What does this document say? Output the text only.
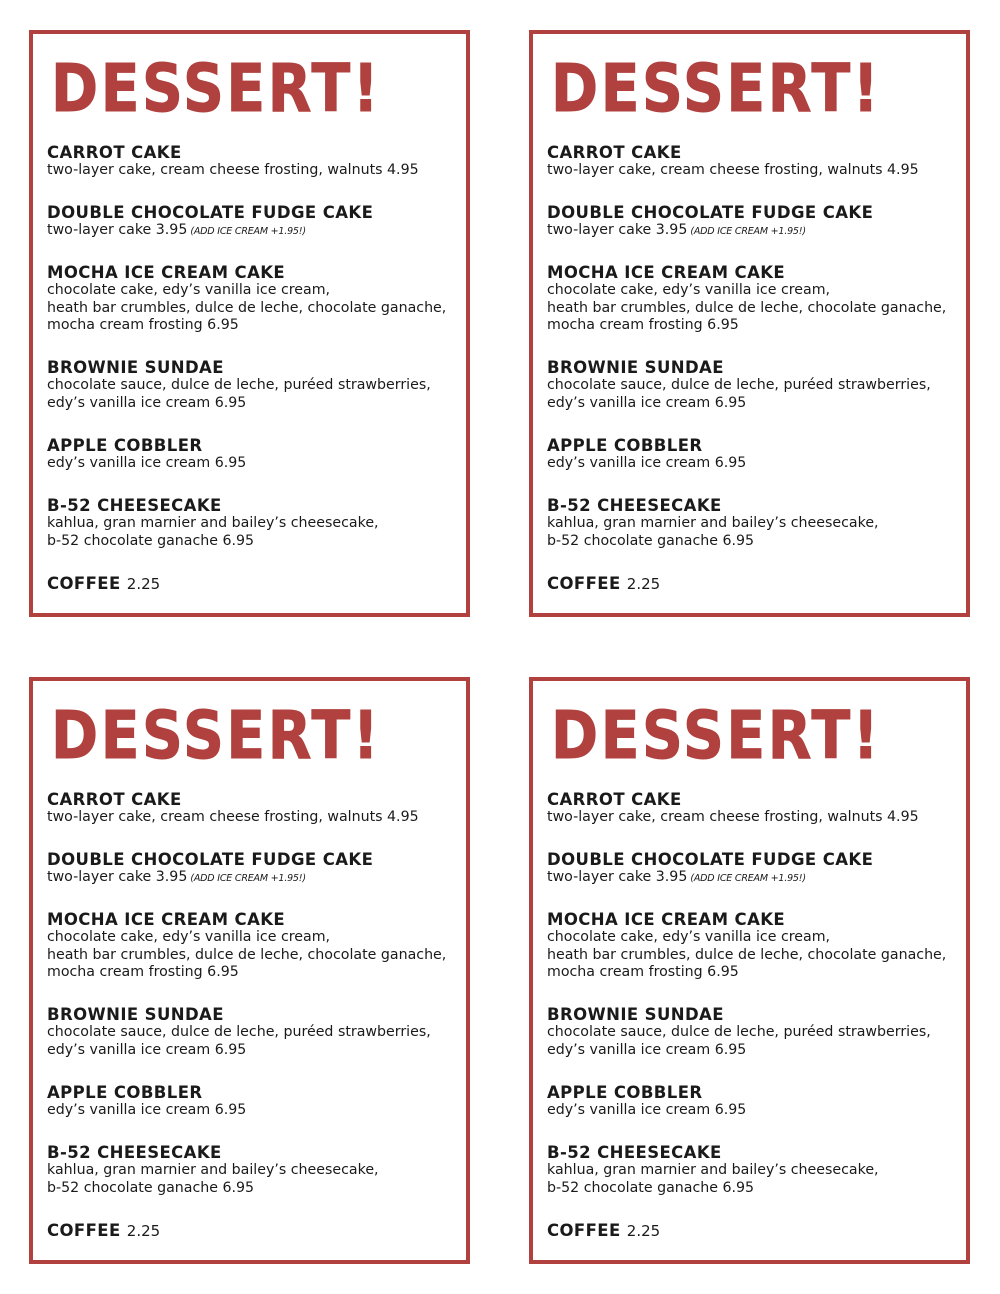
DESSERT!
CARROT CAKE
two-layer cake, cream cheese frosting, walnuts 4.95
DOUBLE CHOCOLATE FUDGE CAKE
two-layer cake 3.95 (ADD ICE CREAM +1.95!)
MOCHA ICE CREAM CAKE
chocolate cake, edy’s vanilla ice cream,
heath bar crumbles, dulce de leche, chocolate ganache,
mocha cream frosting 6.95
BROWNIE SUNDAE
chocolate sauce, dulce de leche, puréed strawberries,
edy’s vanilla ice cream 6.95
APPLE COBBLER
edy’s vanilla ice cream 6.95
B-52 CHEESECAKE
kahlua, gran marnier and bailey’s cheesecake,
b-52 chocolate ganache 6.95
COFFEE 2.25
DESSERT!
CARROT CAKE
two-layer cake, cream cheese frosting, walnuts 4.95
DOUBLE CHOCOLATE FUDGE CAKE
two-layer cake 3.95 (ADD ICE CREAM +1.95!)
MOCHA ICE CREAM CAKE
chocolate cake, edy’s vanilla ice cream,
heath bar crumbles, dulce de leche, chocolate ganache,
mocha cream frosting 6.95
BROWNIE SUNDAE
chocolate sauce, dulce de leche, puréed strawberries,
edy’s vanilla ice cream 6.95
APPLE COBBLER
edy’s vanilla ice cream 6.95
B-52 CHEESECAKE
kahlua, gran marnier and bailey’s cheesecake,
b-52 chocolate ganache 6.95
COFFEE 2.25
DESSERT!
CARROT CAKE
two-layer cake, cream cheese frosting, walnuts 4.95
DOUBLE CHOCOLATE FUDGE CAKE
two-layer cake 3.95 (ADD ICE CREAM +1.95!)
MOCHA ICE CREAM CAKE
chocolate cake, edy’s vanilla ice cream,
heath bar crumbles, dulce de leche, chocolate ganache,
mocha cream frosting 6.95
BROWNIE SUNDAE
chocolate sauce, dulce de leche, puréed strawberries,
edy’s vanilla ice cream 6.95
APPLE COBBLER
edy’s vanilla ice cream 6.95
B-52 CHEESECAKE
kahlua, gran marnier and bailey’s cheesecake,
b-52 chocolate ganache 6.95
COFFEE 2.25
DESSERT!
CARROT CAKE
two-layer cake, cream cheese frosting, walnuts 4.95
DOUBLE CHOCOLATE FUDGE CAKE
two-layer cake 3.95 (ADD ICE CREAM +1.95!)
MOCHA ICE CREAM CAKE
chocolate cake, edy’s vanilla ice cream,
heath bar crumbles, dulce de leche, chocolate ganache,
mocha cream frosting 6.95
BROWNIE SUNDAE
chocolate sauce, dulce de leche, puréed strawberries,
edy’s vanilla ice cream 6.95
APPLE COBBLER
edy’s vanilla ice cream 6.95
B-52 CHEESECAKE
kahlua, gran marnier and bailey’s cheesecake,
b-52 chocolate ganache 6.95
COFFEE 2.25
